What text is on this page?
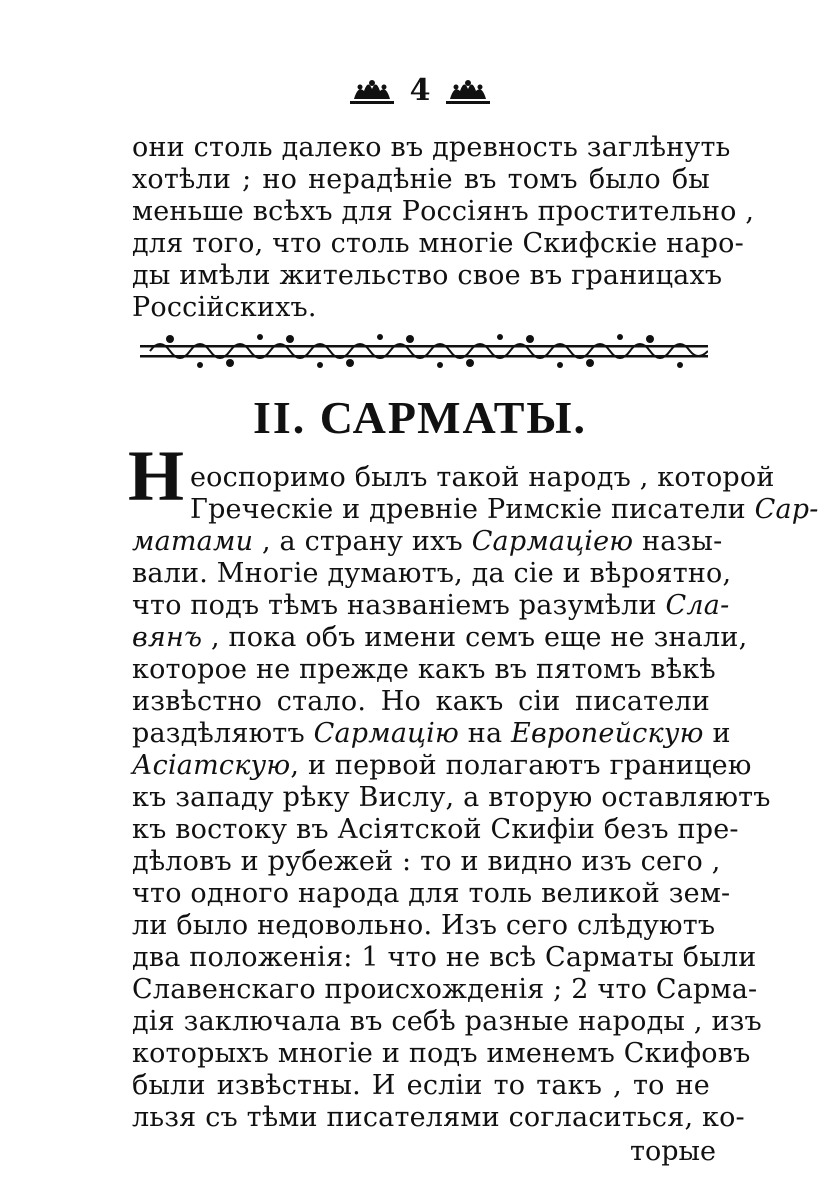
4
они столь далеко въ древность заглѣнуть
хотѣли ; но нерадѣніе въ томъ было бы
меньше всѣхъ для Россіянъ простительно ,
для того, что столь многіе Скифскіе наро-
ды имѣли жительство свое въ границахъ
Россійскихъ.
II. САРМАТЫ.
Н еоспоримо былъ такой народъ , которой
Греческіе и древніе Римскіе писатели Сар-
матами , а страну ихъ Сармаціею назы-
вали. Многіе думаютъ, да сіе и вѣроятно,
что подъ тѣмъ названіемъ разумѣли Сла-
вянъ , пока объ имени семъ еще не знали,
которое не прежде какъ въ пятомъ вѣкѣ
извѣстно стало. Но какъ сіи писатели
раздѣляютъ Сармацію на Европейскую и
Асіатскую, и первой полагаютъ границею
къ западу рѣку Вислу, а вторую оставляютъ
къ востоку въ Асіятской Скифіи безъ пре-
дѣловъ и рубежей : то и видно изъ сего ,
что одного народа для толь великой зем-
ли было недовольно. Изъ сего слѣдуютъ
два положенія: 1 что не всѣ Сарматы были
Славенскаго происхожденія ; 2 что Сарма-
дія заключала въ себѣ разные народы , изъ
которыхъ многіе и подъ именемъ Скифовъ
были извѣстны. И есліи то такъ , то не
льзя съ тѣми писателями согласиться, ко-
торые
